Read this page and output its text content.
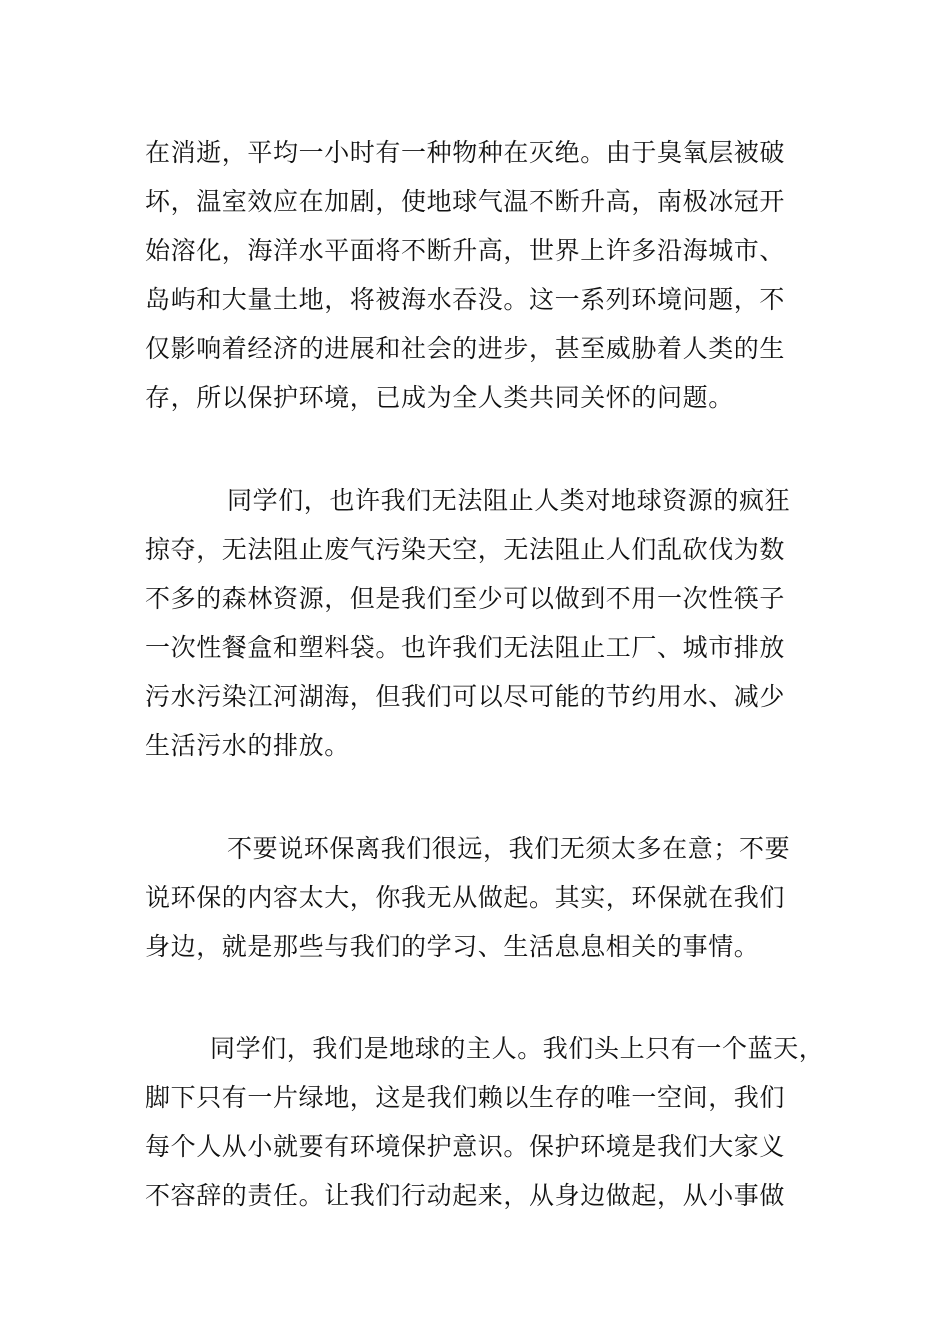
在消逝，平均一小时有一种物种在灭绝。由于臭氧层被破
坏，温室效应在加剧，使地球气温不断升高，南极冰冠开
始溶化，海洋水平面将不断升高，世界上许多沿海城市、
岛屿和大量土地，将被海水吞没。这一系列环境问题，不
仅影响着经济的进展和社会的进步，甚至威胁着人类的生
存，所以保护环境，已成为全人类共同关怀的问题。
同学们，也许我们无法阻止人类对地球资源的疯狂
掠夺，无法阻止废气污染天空，无法阻止人们乱砍伐为数
不多的森林资源，但是我们至少可以做到不用一次性筷子
一次性餐盒和塑料袋。也许我们无法阻止工厂、城市排放
污水污染江河湖海，但我们可以尽可能的节约用水、减少
生活污水的排放。
不要说环保离我们很远，我们无须太多在意；不要
说环保的内容太大，你我无从做起。其实，环保就在我们
身边，就是那些与我们的学习、生活息息相关的事情。
同学们，我们是地球的主人。我们头上只有一个蓝天，
脚下只有一片绿地，这是我们赖以生存的唯一空间，我们
每个人从小就要有环境保护意识。保护环境是我们大家义
不容辞的责任。让我们行动起来，从身边做起，从小事做
